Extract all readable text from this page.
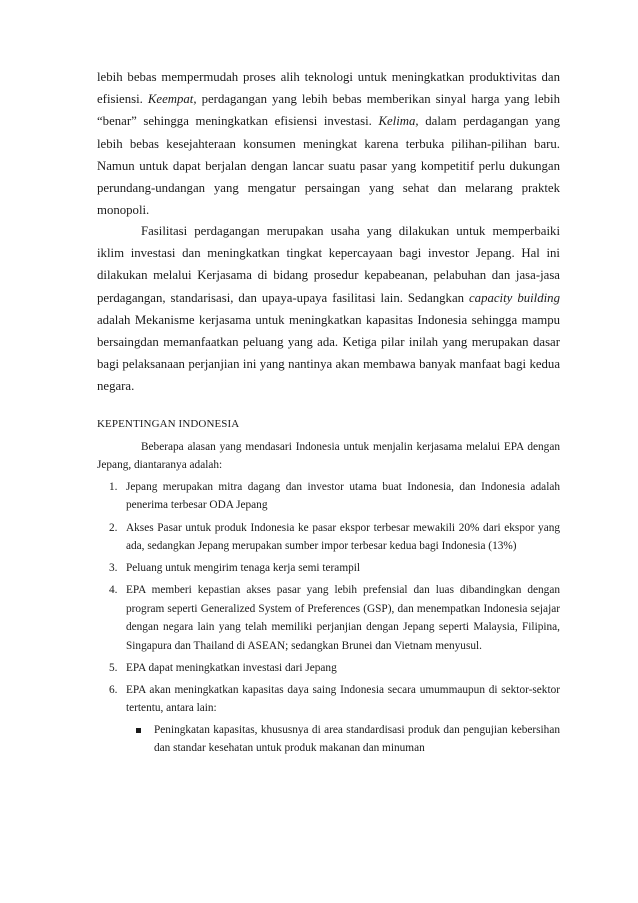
lebih bebas mempermudah proses alih teknologi untuk meningkatkan produktivitas dan efisiensi. Keempat, perdagangan yang lebih bebas memberikan sinyal harga yang lebih “benar” sehingga meningkatkan efisiensi investasi. Kelima, dalam perdagangan yang lebih bebas kesejahteraan konsumen meningkat karena terbuka pilihan-pilihan baru. Namun untuk dapat berjalan dengan lancar suatu pasar yang kompetitif perlu dukungan perundang-undangan yang mengatur persaingan yang sehat dan melarang praktek monopoli.
Fasilitasi perdagangan merupakan usaha yang dilakukan untuk memperbaiki iklim investasi dan meningkatkan tingkat kepercayaan bagi investor Jepang. Hal ini dilakukan melalui Kerjasama di bidang prosedur kepabeanan, pelabuhan dan jasa-jasa perdagangan, standarisasi, dan upaya-upaya fasilitasi lain. Sedangkan capacity building adalah Mekanisme kerjasama untuk meningkatkan kapasitas Indonesia sehingga mampu bersaingdan memanfaatkan peluang yang ada. Ketiga pilar inilah yang merupakan dasar bagi pelaksanaan perjanjian ini yang nantinya akan membawa banyak manfaat bagi kedua negara.
KEPENTINGAN INDONESIA
Beberapa alasan yang mendasari Indonesia untuk menjalin kerjasama melalui EPA dengan Jepang, diantaranya adalah:
1. Jepang merupakan mitra dagang dan investor utama buat Indonesia, dan Indonesia adalah penerima terbesar ODA Jepang
2. Akses Pasar untuk produk Indonesia ke pasar ekspor terbesar mewakili 20% dari ekspor yang ada, sedangkan Jepang merupakan sumber impor terbesar kedua bagi Indonesia (13%)
3. Peluang untuk mengirim tenaga kerja semi terampil
4. EPA memberi kepastian akses pasar yang lebih prefensial dan luas dibandingkan dengan program seperti Generalized System of Preferences (GSP), dan menempatkan Indonesia sejajar dengan negara lain yang telah memiliki perjanjian dengan Jepang seperti Malaysia, Filipina, Singapura dan Thailand di ASEAN; sedangkan Brunei dan Vietnam menyusul.
5. EPA dapat meningkatkan investasi dari Jepang
6. EPA akan meningkatkan kapasitas daya saing Indonesia secara umummaupun di sektor-sektor tertentu, antara lain:
Peningkatan kapasitas, khususnya di area standardisasi produk dan pengujian kebersihan dan standar kesehatan untuk produk makanan dan minuman
